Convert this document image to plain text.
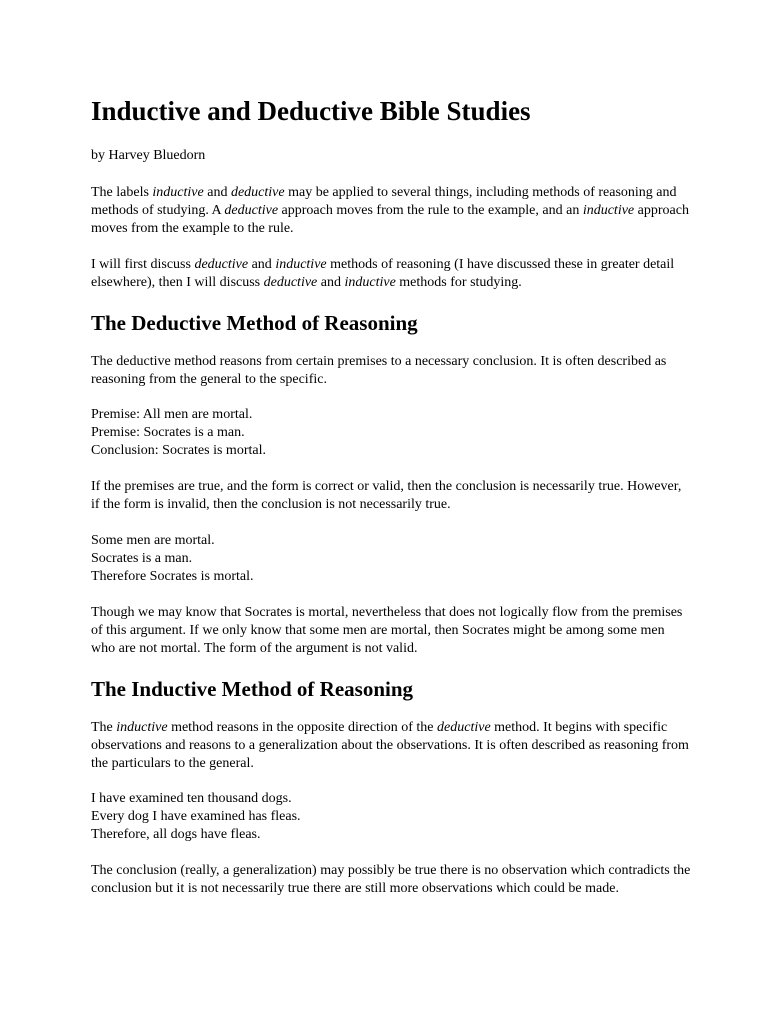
Inductive and Deductive Bible Studies

by Harvey Bluedorn

The labels inductive and deductive may be applied to several things, including methods of reasoning and methods of studying. A deductive approach moves from the rule to the example, and an inductive approach moves from the example to the rule.

I will first discuss deductive and inductive methods of reasoning (I have discussed these in greater detail elsewhere), then I will discuss deductive and inductive methods for studying.

The Deductive Method of Reasoning

The deductive method reasons from certain premises to a necessary conclusion. It is often described as reasoning from the general to the specific.

Premise: All men are mortal.
Premise: Socrates is a man.
Conclusion: Socrates is mortal.

If the premises are true, and the form is correct or valid, then the conclusion is necessarily true. However, if the form is invalid, then the conclusion is not necessarily true.

Some men are mortal.
Socrates is a man.
Therefore Socrates is mortal.

Though we may know that Socrates is mortal, nevertheless that does not logically flow from the premises of this argument. If we only know that some men are mortal, then Socrates might be among some men who are not mortal. The form of the argument is not valid.

The Inductive Method of Reasoning

The inductive method reasons in the opposite direction of the deductive method. It begins with specific observations and reasons to a generalization about the observations. It is often described as reasoning from the particulars to the general.

I have examined ten thousand dogs.
Every dog I have examined has fleas.
Therefore, all dogs have fleas.

The conclusion (really, a generalization) may possibly be true there is no observation which contradicts the conclusion but it is not necessarily true there are still more observations which could be made.
